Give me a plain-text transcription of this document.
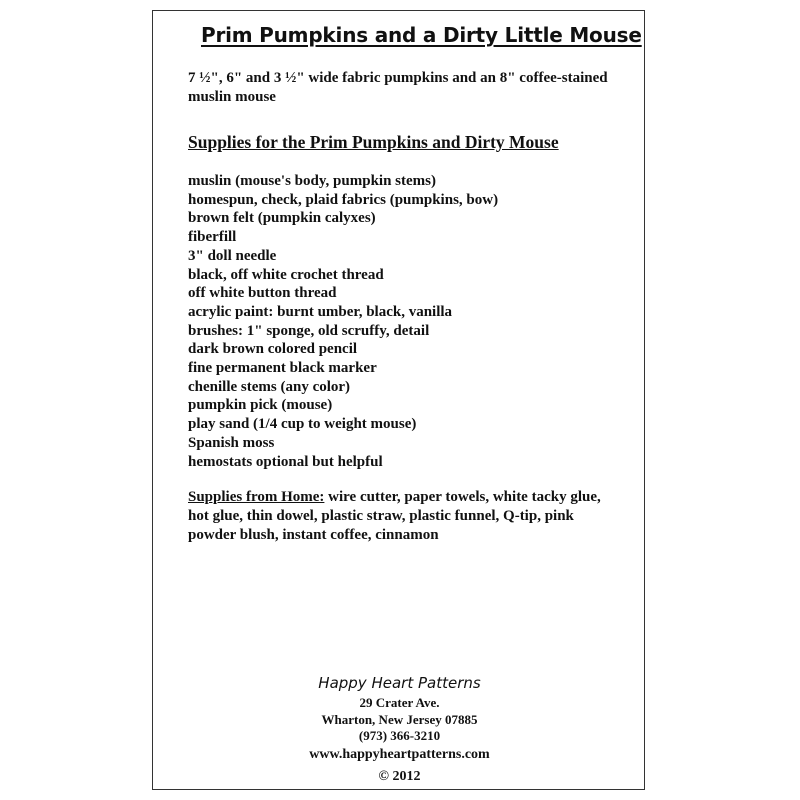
Prim Pumpkins and a Dirty Little Mouse

7 ½", 6" and 3 ½" wide fabric pumpkins and an 8" coffee-stained muslin mouse

Supplies for the Prim Pumpkins and Dirty Mouse
muslin (mouse's body, pumpkin stems)
homespun, check, plaid fabrics (pumpkins, bow)
brown felt (pumpkin calyxes)
fiberfill
3" doll needle
black, off white crochet thread
off white button thread
acrylic paint: burnt umber, black, vanilla
brushes: 1" sponge, old scruffy, detail
dark brown colored pencil
fine permanent black marker
chenille stems (any color)
pumpkin pick (mouse)
play sand (1/4 cup to weight mouse)
Spanish moss
hemostats optional but helpful

Supplies from Home: wire cutter, paper towels, white tacky glue, hot glue, thin dowel, plastic straw, plastic funnel, Q-tip, pink powder blush, instant coffee, cinnamon

Happy Heart Patterns
29 Crater Ave.
Wharton, New Jersey 07885
(973) 366-3210
www.happyheartpatterns.com
© 2012
